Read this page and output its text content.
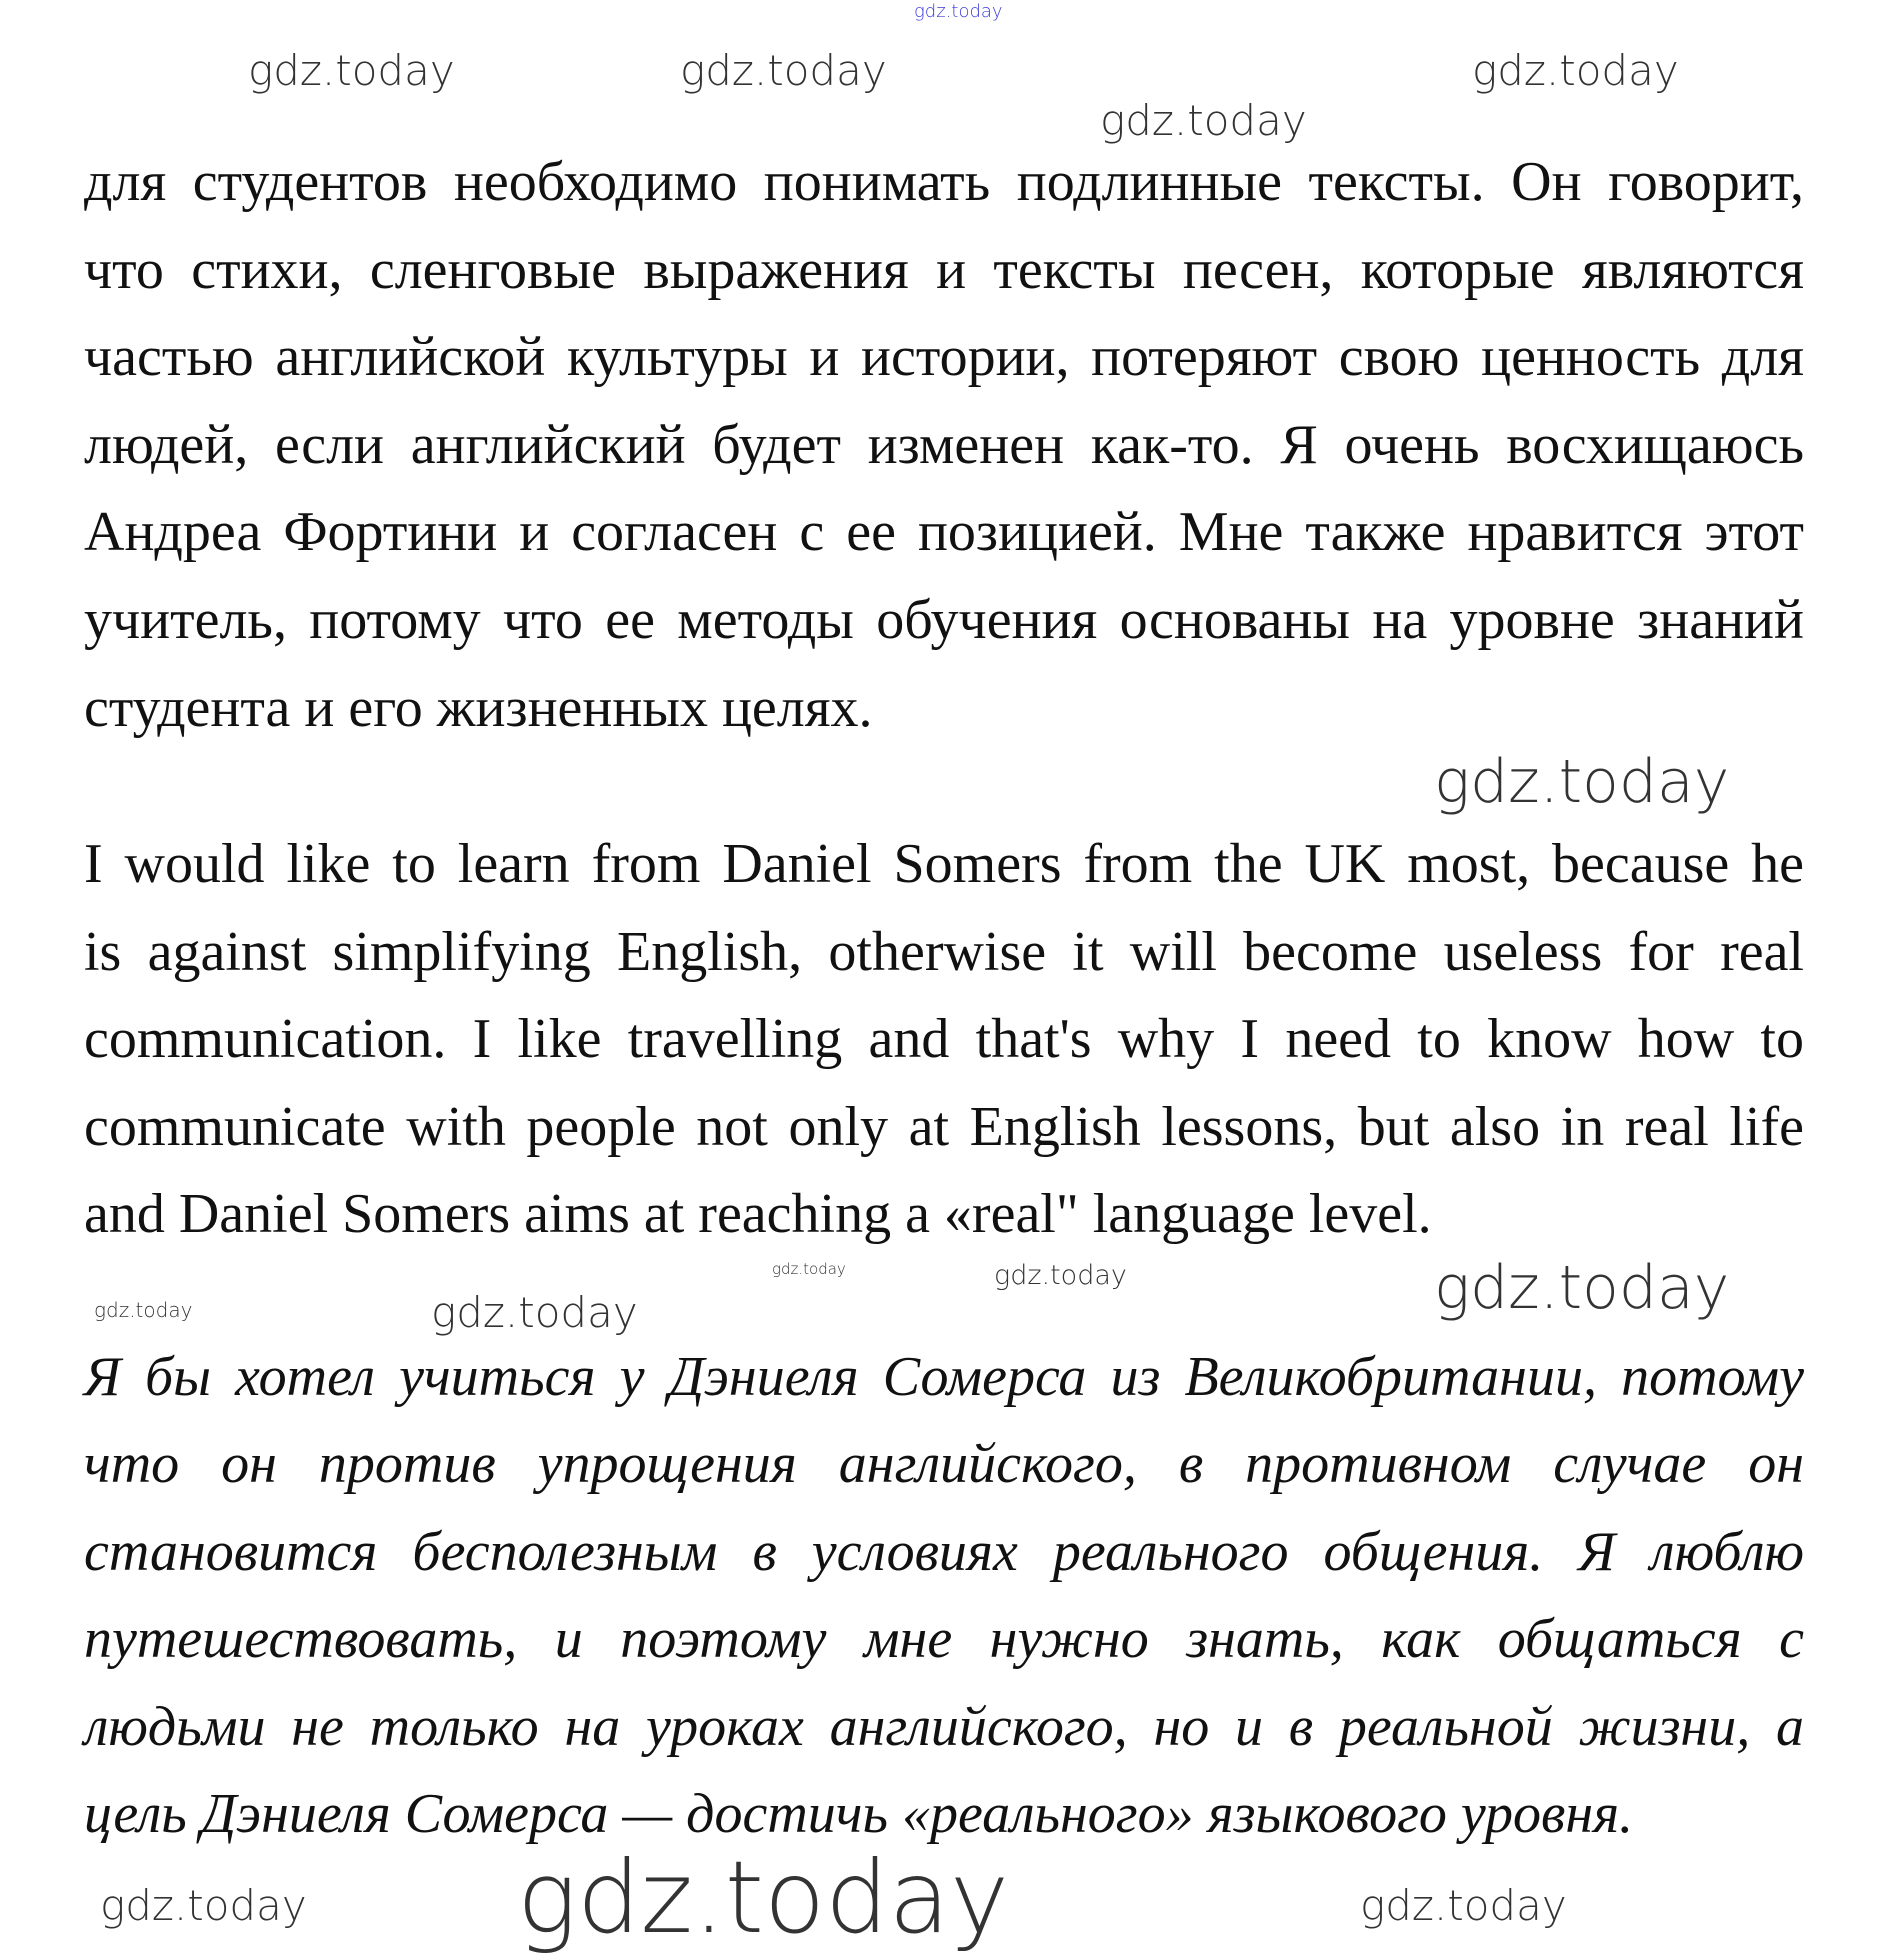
для студентов необходимо понимать подлинные тексты. Он говорит,
что стихи, сленговые выражения и тексты песен, которые являются
частью английской культуры и истории, потеряют свою ценность для
людей, если английский будет изменен как-то. Я очень восхищаюсь
Андреа Фортини и согласен с ее позицией. Мне также нравится этот
учитель, потому что ее методы обучения основаны на уровне знаний
студента и его жизненных целях.
I would like to learn from Daniel Somers from the UK most, because he
is against simplifying English, otherwise it will become useless for real
communication. I like travelling and that's why I need to know how to
communicate with people not only at English lessons, but also in real life
and Daniel Somers aims at reaching a «real" language level.
Я бы хотел учиться у Дэниеля Сомерса из Великобритании, потому
что он против упрощения английского, в противном случае он
становится бесполезным в условиях реального общения. Я люблю
путешествовать, и поэтому мне нужно знать, как общаться с
людьми не только на уроках английского, но и в реальной жизни, а
цель Дэниеля Сомерса — достичь «реального» языкового уровня.
gdz.today
gdz.today	gdz.today	gdz.today
gdz.today
gdz.today
gdz.today
gdz.today
gdz.today
gdz.today	gdz.today
gdz.today
gdz.today	gdz.today
